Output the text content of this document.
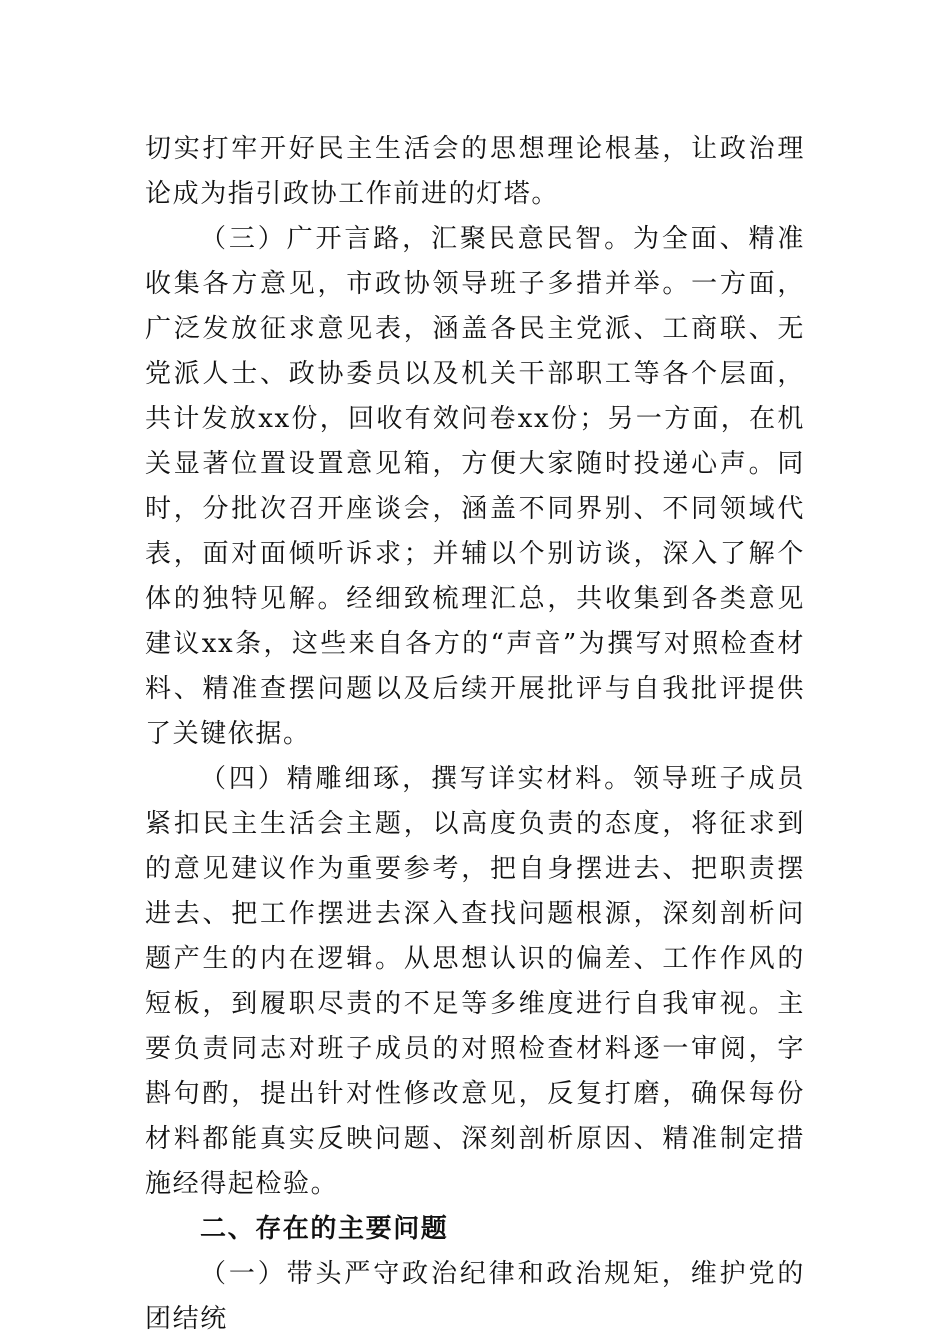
切实打牢开好民主生活会的思想理论根基，让政治理论成为指引政协工作前进的灯塔。

（三）广开言路，汇聚民意民智。为全面、精准收集各方意见，市政协领导班子多措并举。一方面，广泛发放征求意见表，涵盖各民主党派、工商联、无党派人士、政协委员以及机关干部职工等各个层面，共计发放xx份，回收有效问卷xx份；另一方面，在机关显著位置设置意见箱，方便大家随时投递心声。同时，分批次召开座谈会，涵盖不同界别、不同领域代表，面对面倾听诉求；并辅以个别访谈，深入了解个体的独特见解。经细致梳理汇总，共收集到各类意见建议xx条，这些来自各方的“声音”为撰写对照检查材料、精准查摆问题以及后续开展批评与自我批评提供了关键依据。

（四）精雕细琢，撰写详实材料。领导班子成员紧扣民主生活会主题，以高度负责的态度，将征求到的意见建议作为重要参考，把自身摆进去、把职责摆进去、把工作摆进去深入查找问题根源，深刻剖析问题产生的内在逻辑。从思想认识的偏差、工作作风的短板，到履职尽责的不足等多维度进行自我审视。主要负责同志对班子成员的对照检查材料逐一审阅，字斟句酌，提出针对性修改意见，反复打磨，确保每份材料都能真实反映问题、深刻剖析原因、精准制定措施经得起检验。

二、存在的主要问题

（一）带头严守政治纪律和政治规矩，维护党的团结统
